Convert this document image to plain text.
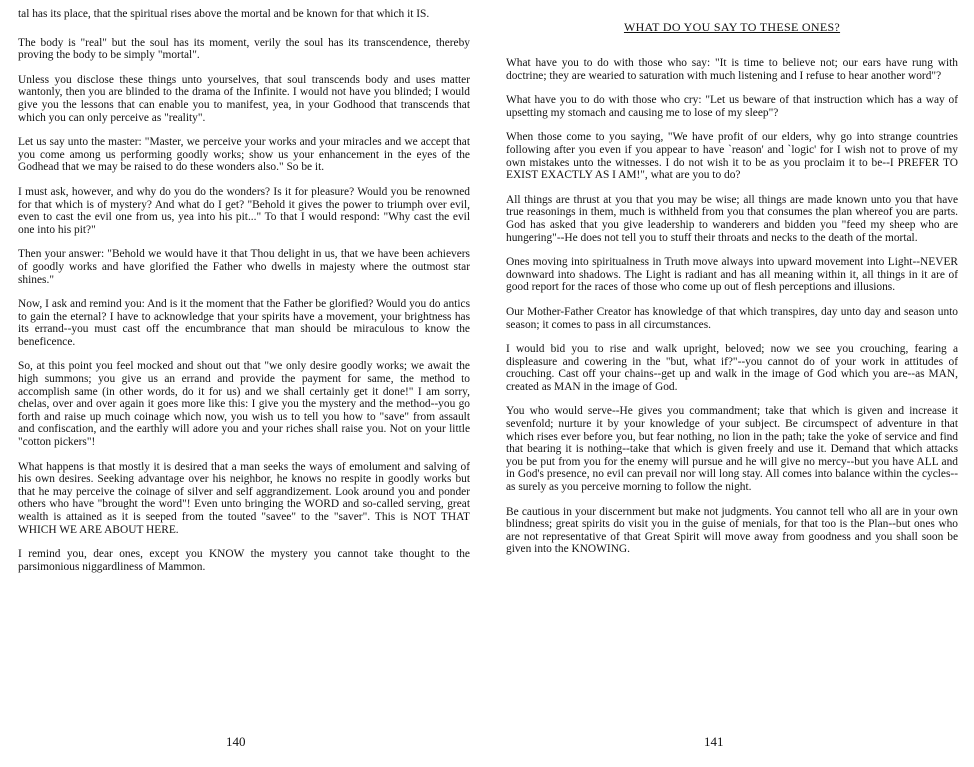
tal has its place, that the spiritual rises above the mortal and be known for that which it IS.

The body is "real" but the soul has its moment, verily the soul has its transcendence, thereby proving the body to be simply "mortal".

Unless you disclose these things unto yourselves, that soul transcends body and uses matter wantonly, then you are blinded to the drama of the Infinite. I would not have you blinded; I would give you the lessons that can enable you to manifest, yea, in your Godhood that transcends that which you can only perceive as "reality".

Let us say unto the master: "Master, we perceive your works and your miracles and we accept that you come among us performing goodly works; show us your enhancement in the eyes of the Godhead that we may be raised to do these wonders also." So be it.

I must ask, however, and why do you do the wonders? Is it for pleasure? Would you be renowned for that which is of mystery? And what do I get? "Behold it gives the power to triumph over evil, even to cast the evil one from us, yea into his pit..." To that I would respond: "Why cast the evil one into his pit?"

Then your answer: "Behold we would have it that Thou delight in us, that we have been achievers of goodly works and have glorified the Father who dwells in majesty where the outmost star shines."

Now, I ask and remind you: And is it the moment that the Father be glorified? Would you do antics to gain the eternal? I have to acknowledge that your spirits have a movement, your brightness has its errand--you must cast off the encumbrance that man should be miraculous to know the beneficence.

So, at this point you feel mocked and shout out that "we only desire goodly works; we await the high summons; you give us an errand and provide the payment for same, the method to accomplish same (in other words, do it for us) and we shall certainly get it done!" I am sorry, chelas, over and over again it goes more like this: I give you the mystery and the method--you go forth and raise up much coinage which now, you wish us to tell you how to "save" from assault and confiscation, and the earthly will adore you and your riches shall raise you. Not on your little "cotton pickers"!

What happens is that mostly it is desired that a man seeks the ways of emolument and salving of his own desires. Seeking advantage over his neighbor, he knows no respite in goodly works but that he may perceive the coinage of silver and self aggrandizement. Look around you and ponder others who have "brought the word"! Even unto bringing the WORD and so-called serving, great wealth is attained as it is seeped from the touted "savee" to the "saver". This is NOT THAT WHICH WE ARE ABOUT HERE.

I remind you, dear ones, except you KNOW the mystery you cannot take thought to the parsimonious niggardliness of Mammon.

140
WHAT DO YOU SAY TO THESE ONES?

What have you to do with those who say: "It is time to believe not; our ears have rung with doctrine; they are wearied to saturation with much listening and I refuse to hear another word"?

What have you to do with those who cry: "Let us beware of that instruction which has a way of upsetting my stomach and causing me to lose of my sleep"?

When those come to you saying, "We have profit of our elders, why go into strange countries following after you even if you appear to have `reason' and `logic' for I wish not to prove of my own mistakes unto the witnesses. I do not wish it to be as you proclaim it to be--I PREFER TO EXIST EXACTLY AS I AM!", what are you to do?

All things are thrust at you that you may be wise; all things are made known unto you that have true reasonings in them, much is withheld from you that consumes the plan whereof you are parts. God has asked that you give leadership to wanderers and bidden you "feed my sheep who are hungering"--He does not tell you to stuff their throats and necks to the death of the mortal.

Ones moving into spiritualness in Truth move always into upward movement into Light--NEVER downward into shadows. The Light is radiant and has all meaning within it, all things in it are of good report for the races of those who come up out of flesh perceptions and illusions.

Our Mother-Father Creator has knowledge of that which transpires, day unto day and season unto season; it comes to pass in all circumstances.

I would bid you to rise and walk upright, beloved; now we see you crouching, fearing a displeasure and cowering in the "but, what if?"--you cannot do of your work in attitudes of crouching. Cast off your chains--get up and walk in the image of God which you are--as MAN, created as MAN in the image of God.

You who would serve--He gives you commandment; take that which is given and increase it sevenfold; nurture it by your knowledge of your subject. Be circumspect of adventure in that which rises ever before you, but fear nothing, no lion in the path; take the yoke of service and find that bearing it is nothing--take that which is given freely and use it. Demand that which attacks you be put from you for the enemy will pursue and he will give no mercy--but you have ALL and in God's presence, no evil can prevail nor will long stay. All comes into balance within the cycles--as surely as you perceive morning to follow the night.

Be cautious in your discernment but make not judgments. You cannot tell who all are in your own blindness; great spirits do visit you in the guise of menials, for that too is the Plan--but ones who are not representative of that Great Spirit will move away from goodness and you shall soon be given into the KNOWING.

141
